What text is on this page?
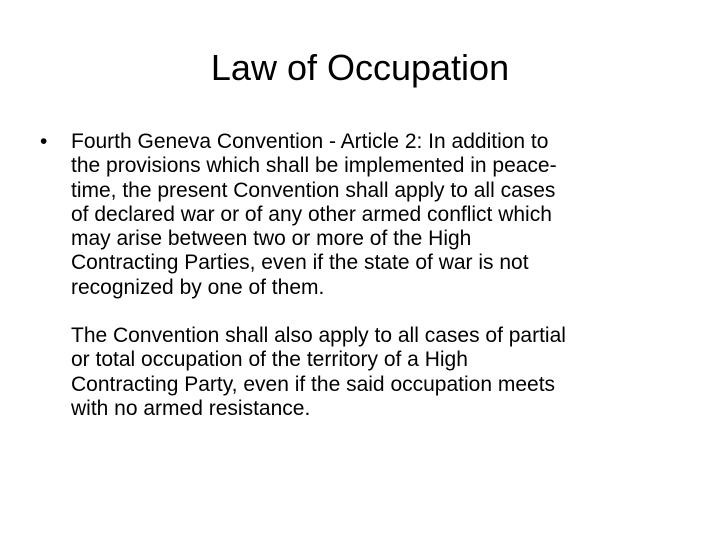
Law of Occupation
• Fourth Geneva Convention - Article 2: In addition to
the provisions which shall be implemented in peace-
time, the present Convention shall apply to all cases
of declared war or of any other armed conflict which
may arise between two or more of the High
Contracting Parties, even if the state of war is not
recognized by one of them.

The Convention shall also apply to all cases of partial
or total occupation of the territory of a High
Contracting Party, even if the said occupation meets
with no armed resistance.
